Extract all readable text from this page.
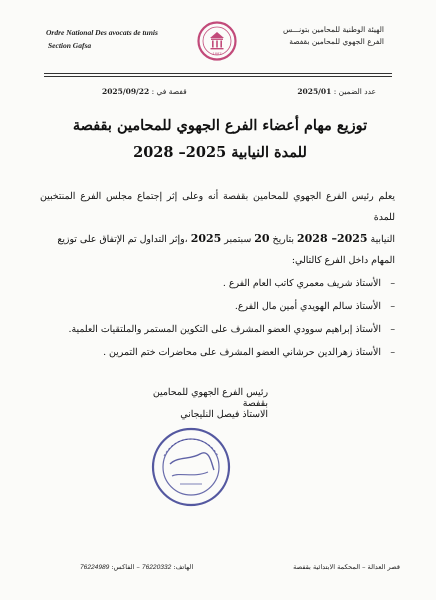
Ordre National Des avocats de tunis
Section Gafsa
1887
الهيئة الوطنية للمحامين بتونـــس
الفرع الجهوي للمحامين بقفصة
عدد الضمين : 2025/01
قفصة في : 2025/09/22
توزيع مهام أعضاء الفرع الجهوي للمحامين بقفصة
للمدة النيابية 2025– 2028
يعلم رئيس الفرع الجهوي للمحامين بقفصة أنه وعلى إثر إجتماع مجلس الفرع المنتخبين للمدة
النيابية 2025– 2028 بتاريخ 20 سبتمبر 2025 ،وإثر التداول تم الإتفاق على توزيع
المهام داخل الفرع كالتالي:
–الأستاذ شريف معمري كاتب العام الفرع .
–الأستاذ سالم الهويدي أمين مال الفرع.
–الأستاذ إبراهيم سوودي العضو المشرف على التكوين المستمر والملتقيات العلمية.
–الأستاذ زهرالدين حرشاني العضو المشرف على محاضرات ختم التمرين .
رئيس الفرع الجهوي للمحامين بقفصة
الاستاذ فيصل النليجاني
الهاتف: 76220332 – الفاكس: 76224989	قصر العدالة – المحكمة الابتدائية بقفصة
